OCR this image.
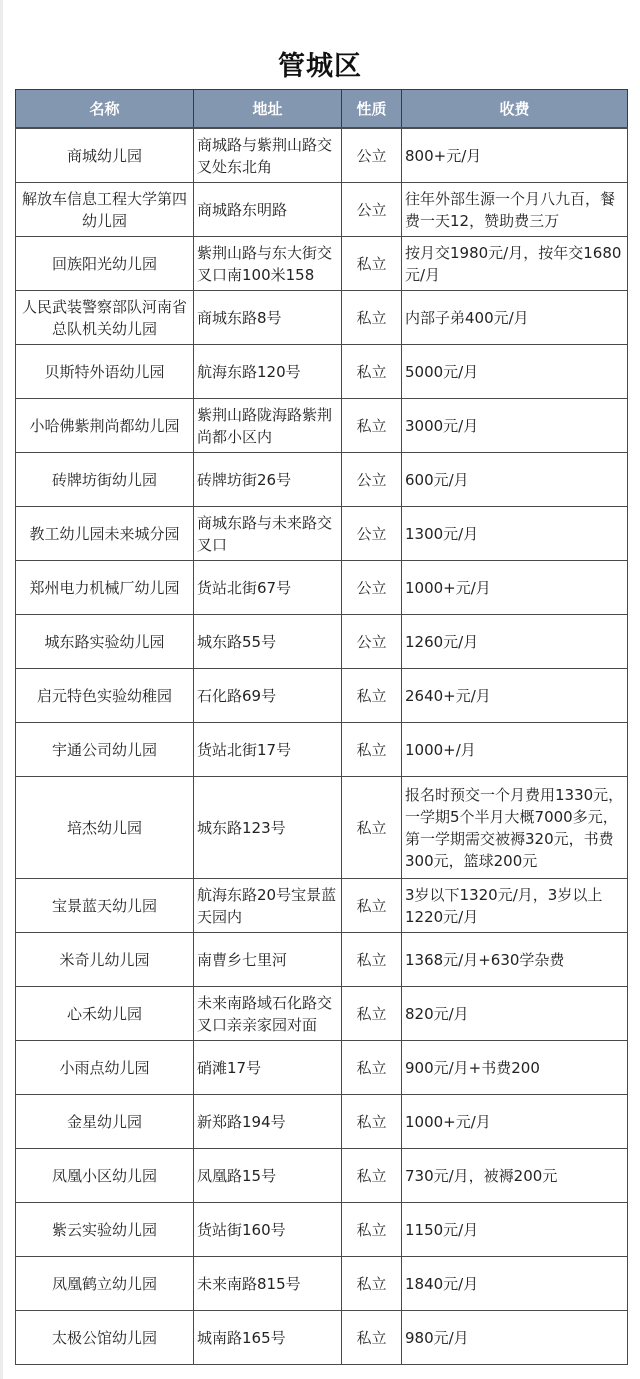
管城区
名称	地址	性质	收费
商城幼儿园	商城路与紫荆山路交叉处东北角	公立	800+元/月
解放车信息工程大学第四幼儿园	商城路东明路	公立	往年外部生源一个月八九百，餐费一天12，赞助费三万
回族阳光幼儿园	紫荆山路与东大街交叉口南100米158	私立	按月交1980元/月，按年交1680元/月
人民武装警察部队河南省总队机关幼儿园	商城东路8号	私立	内部子弟400元/月
贝斯特外语幼儿园	航海东路120号	私立	5000元/月
小哈佛紫荆尚都幼儿园	紫荆山路陇海路紫荆尚都小区内	私立	3000元/月
砖牌坊街幼儿园	砖牌坊街26号	公立	600元/月
教工幼儿园未来城分园	商城东路与未来路交叉口	公立	1300元/月
郑州电力机械厂幼儿园	货站北街67号	公立	1000+元/月
城东路实验幼儿园	城东路55号	公立	1260元/月
启元特色实验幼稚园	石化路69号	私立	2640+元/月
宇通公司幼儿园	货站北街17号	私立	1000+/月
培杰幼儿园	城东路123号	私立	报名时预交一个月费用1330元，一学期5个半月大概7000多元，第一学期需交被褥320元，书费300元，篮球200元
宝景蓝天幼儿园	航海东路20号宝景蓝天园内	私立	3岁以下1320元/月，3岁以上1220元/月
米奇儿幼儿园	南曹乡七里河	私立	1368元/月+630学杂费
心禾幼儿园	未来南路域石化路交叉口亲亲家园对面	私立	820元/月
小雨点幼儿园	硝滩17号	私立	900元/月+书费200
金星幼儿园	新郑路194号	私立	1000+元/月
凤凰小区幼儿园	凤凰路15号	私立	730元/月，被褥200元
紫云实验幼儿园	货站街160号	私立	1150元/月
凤凰鹤立幼儿园	未来南路815号	私立	1840元/月
太极公馆幼儿园	城南路165号	私立	980元/月
